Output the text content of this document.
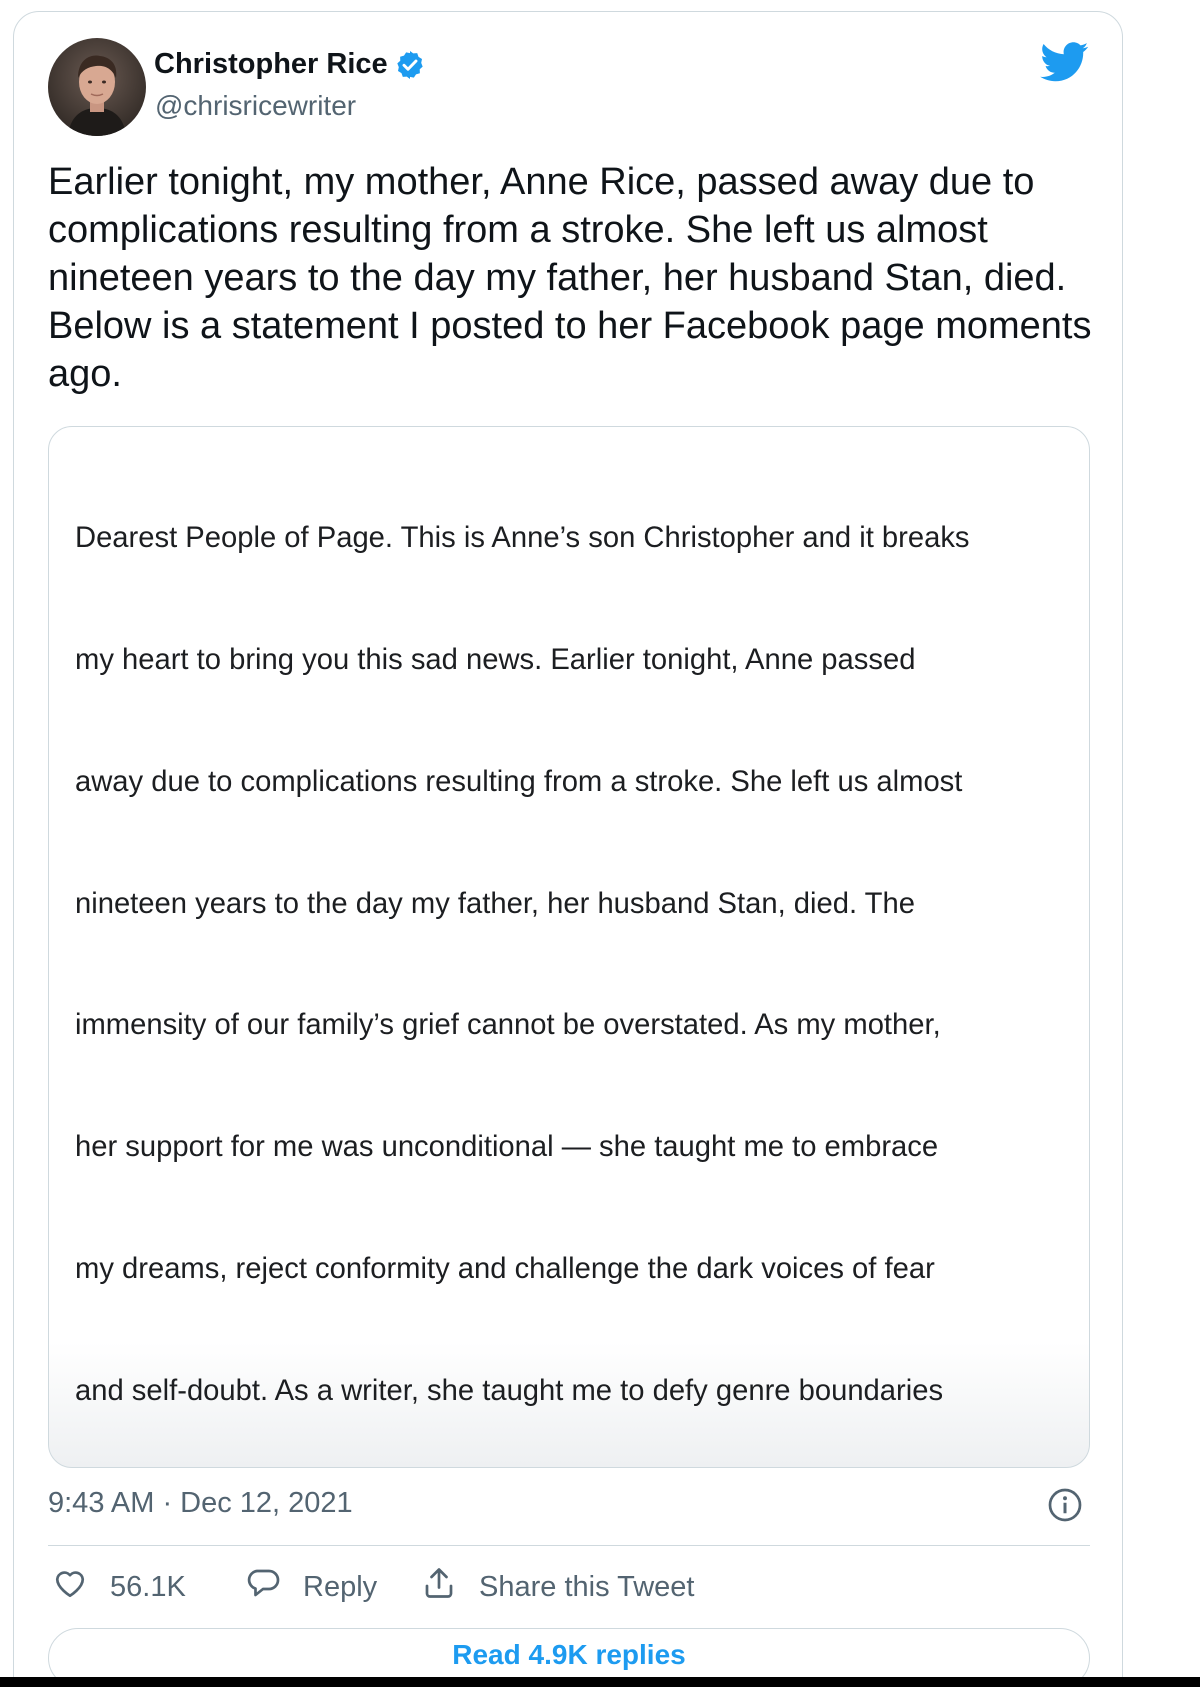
Christopher Rice
@chrisricewriter

Earlier tonight, my mother, Anne Rice, passed away due to complications resulting from a stroke. She left us almost nineteen years to the day my father, her husband Stan, died. Below is a statement I posted to her Facebook page moments ago.

Dearest People of Page. This is Anne’s son Christopher and it breaks

my heart to bring you this sad news. Earlier tonight, Anne passed

away due to complications resulting from a stroke. She left us almost

nineteen years to the day my father, her husband Stan, died. The

immensity of our family’s grief cannot be overstated. As my mother,

her support for me was unconditional — she taught me to embrace

my dreams, reject conformity and challenge the dark voices of fear

and self-doubt. As a writer, she taught me to defy genre boundaries

9:43 AM · Dec 12, 2021
56.1K	Reply	Share this Tweet
Read 4.9K replies
